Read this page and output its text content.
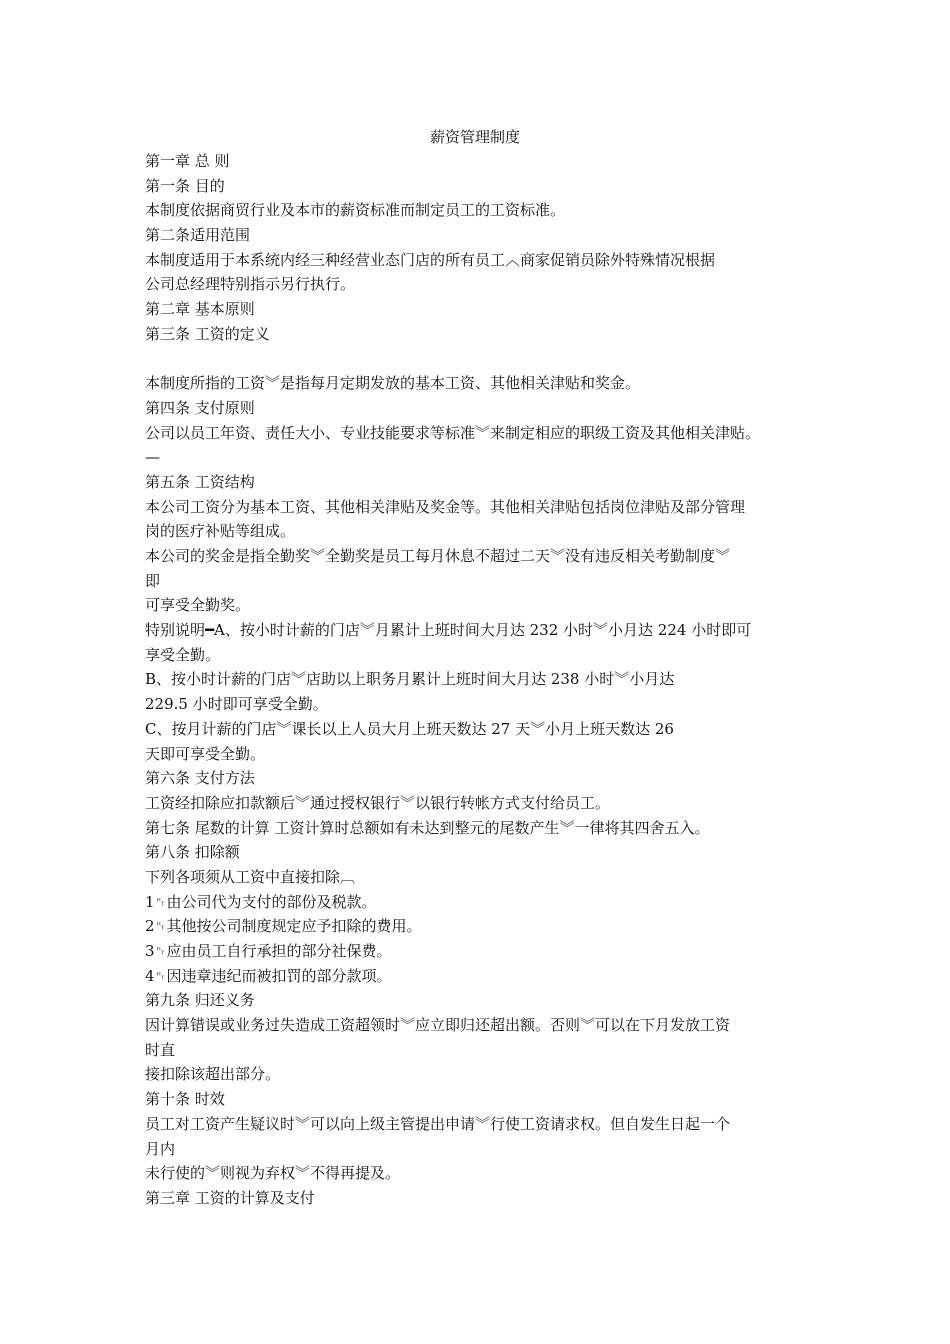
薪资管理制度
第一章 总 则
第一条 目的
本制度依据商贸行业及本市的薪资标准而制定员工的工资标准。
第二条适用范围
本制度适用于本系统内经三种经营业态门店的所有员工︿商家促销员除外特殊情况根据
公司总经理特别指示另行执行。
第二章 基本原则
第三条 工资的定义
本制度所指的工资︾是指每月定期发放的基本工资、其他相关津贴和奖金。
第四条 支付原则
公司以员工年资、责任大小、专业技能要求等标准︾来制定相应的职级工资及其他相关津贴。
—
第五条 工资结构
本公司工资分为基本工资、其他相关津贴及奖金等。其他相关津贴包括岗位津贴及部分管理
岗的医疗补贴等组成。
本公司的奖金是指全勤奖︾全勤奖是员工每月休息不超过二天︾没有违反相关考勤制度︾
即
可享受全勤奖。
特别说明━A、按小时计薪的门店︾月累计上班时间大月达 232 小时︾小月达 224 小时即可
享受全勤。
B、按小时计薪的门店︾店助以上职务月累计上班时间大月达 238 小时︾小月达
229.5 小时即可享受全勤。
C、按月计薪的门店︾课长以上人员大月上班天数达 27 天︾小月上班天数达 26
天即可享受全勤。
第六条 支付方法
工资经扣除应扣款额后︾通过授权银行︾以银行转帐方式支付给员工。
第七条 尾数的计算 工资计算时总额如有未达到整元的尾数产生︾一律将其四舍五入。
第八条 扣除额
下列各项须从工资中直接扣除︹
1␉由公司代为支付的部份及税款。
2␉其他按公司制度规定应予扣除的费用。
3␉应由员工自行承担的部分社保费。
4␉因违章违纪而被扣罚的部分款项。
第九条 归还义务
因计算错误或业务过失造成工资超领时︾应立即归还超出额。否则︾可以在下月发放工资
时直
接扣除该超出部分。
第十条 时效
员工对工资产生疑议时︾可以向上级主管提出申请︾行使工资请求权。但自发生日起一个
月内
未行使的︾则视为弃权︾不得再提及。
第三章 工资的计算及支付
